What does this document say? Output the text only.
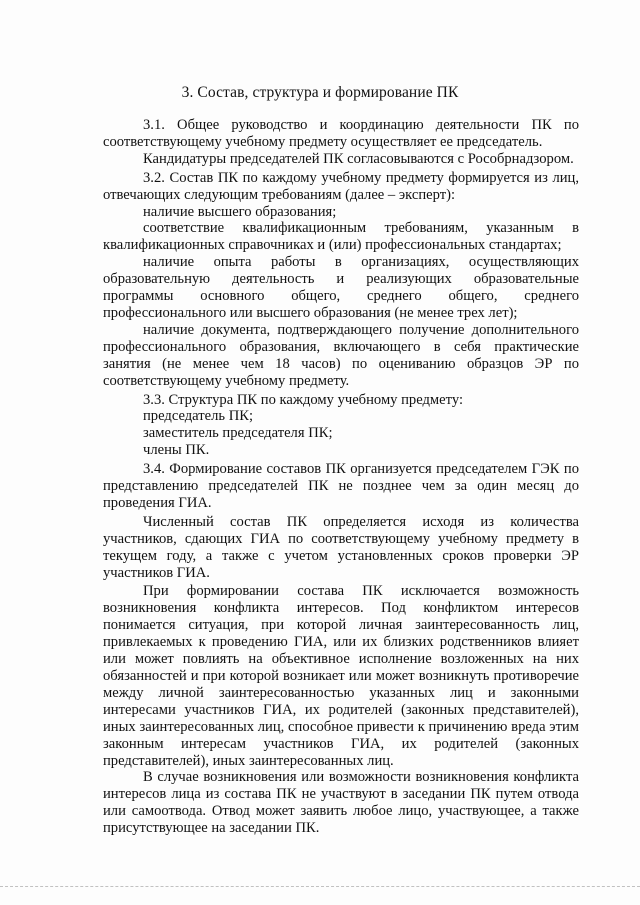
3. Состав, структура и формирование ПК

3.1. Общее руководство и координацию деятельности ПК по соответствующему учебному предмету осуществляет ее председатель.

Кандидатуры председателей ПК согласовываются с Рособрнадзором.

3.2. Состав ПК по каждому учебному предмету формируется из лиц, отвечающих следующим требованиям (далее – эксперт):

наличие высшего образования;

соответствие квалификационным требованиям, указанным в квалификационных справочниках и (или) профессиональных стандартах;

наличие опыта работы в организациях, осуществляющих образовательную деятельность и реализующих образовательные программы основного общего, среднего общего, среднего профессионального или высшего образования (не менее трех лет);

наличие документа, подтверждающего получение дополнительного профессионального образования, включающего в себя практические занятия (не менее чем 18 часов) по оцениванию образцов ЭР по соответствующему учебному предмету.

3.3. Структура ПК по каждому учебному предмету:

председатель ПК;

заместитель председателя ПК;

члены ПК.

3.4. Формирование составов ПК организуется председателем ГЭК по представлению председателей ПК не позднее чем за один месяц до проведения ГИА.

Численный состав ПК определяется исходя из количества участников, сдающих ГИА по соответствующему учебному предмету в текущем году, а также с учетом установленных сроков проверки ЭР участников ГИА.

При формировании состава ПК исключается возможность возникновения конфликта интересов. Под конфликтом интересов понимается ситуация, при которой личная заинтересованность лиц, привлекаемых к проведению ГИА, или их близких родственников влияет или может повлиять на объективное исполнение возложенных на них обязанностей и при которой возникает или может возникнуть противоречие между личной заинтересованностью указанных лиц и законными интересами участников ГИА, их родителей (законных представителей), иных заинтересованных лиц, способное привести к причинению вреда этим законным интересам участников ГИА, их родителей (законных представителей), иных заинтересованных лиц.

В случае возникновения или возможности возникновения конфликта интересов лица из состава ПК не участвуют в заседании ПК путем отвода или самоотвода. Отвод может заявить любое лицо, участвующее, а также присутствующее на заседании ПК.
